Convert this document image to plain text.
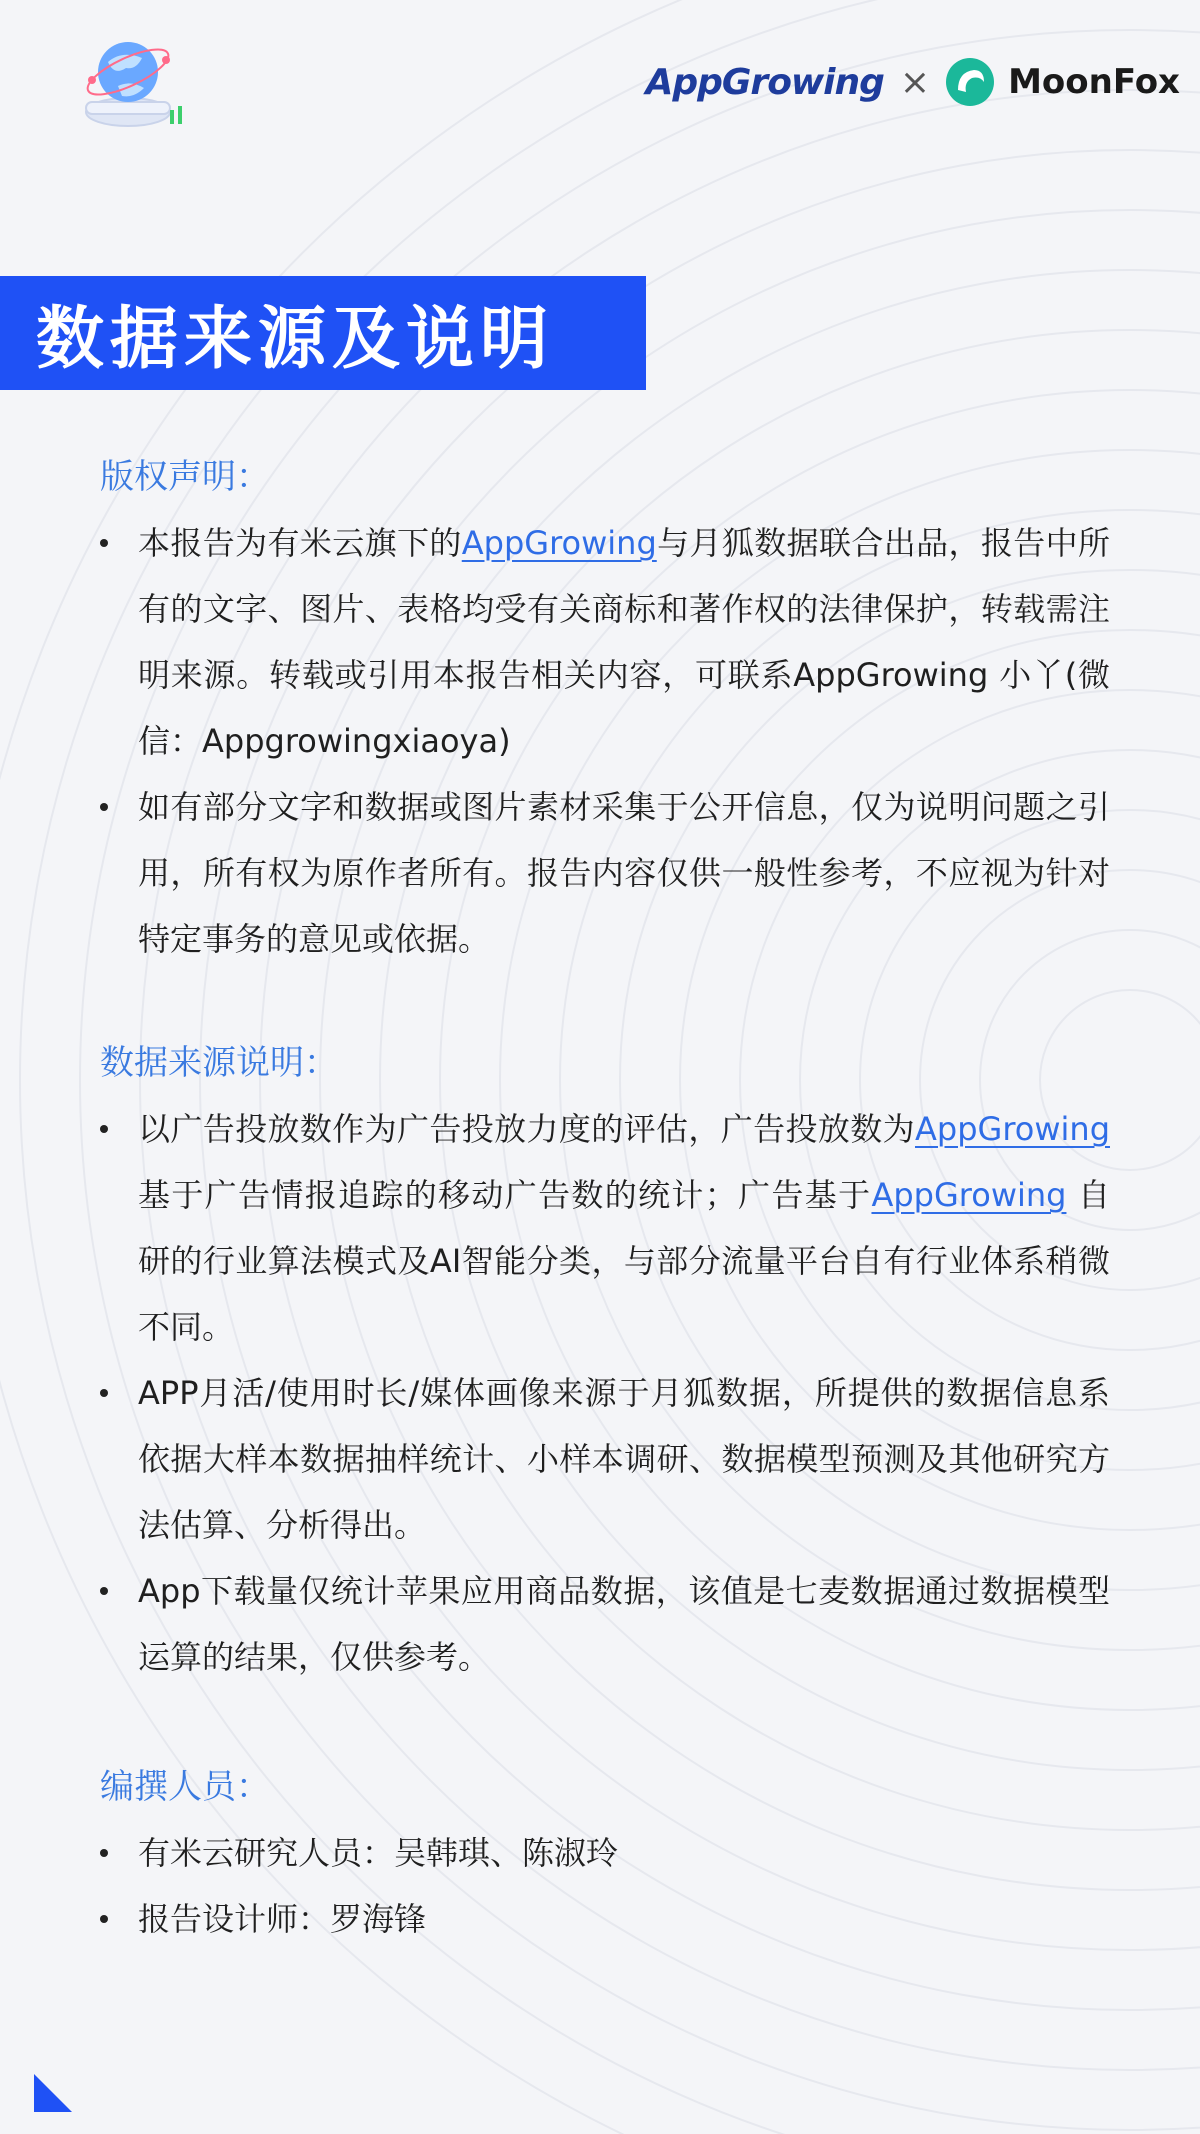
AppGrowing × MoonFox
数据来源及说明
版权声明：
本报告为有米云旗下的AppGrowing与月狐数据联合出品，报告中所有的文字、图片、表格均受有关商标和著作权的法律保护，转载需注明来源。转载或引用本报告相关内容，可联系AppGrowing 小丫(微信：Appgrowingxiaoya)
如有部分文字和数据或图片素材采集于公开信息，仅为说明问题之引用，所有权为原作者所有。报告内容仅供一般性参考，不应视为针对特定事务的意见或依据。
数据来源说明：
以广告投放数作为广告投放力度的评估，广告投放数为AppGrowing 基于广告情报追踪的移动广告数的统计；广告基于AppGrowing 自研的行业算法模式及AI智能分类，与部分流量平台自有行业体系稍微不同。
APP月活/使用时长/媒体画像来源于月狐数据，所提供的数据信息系依据大样本数据抽样统计、小样本调研、数据模型预测及其他研究方法估算、分析得出。
App下载量仅统计苹果应用商品数据，该值是七麦数据通过数据模型运算的结果，仅供参考。
编撰人员：
有米云研究人员：吴韩琪、陈淑玲
报告设计师：罗海锋
